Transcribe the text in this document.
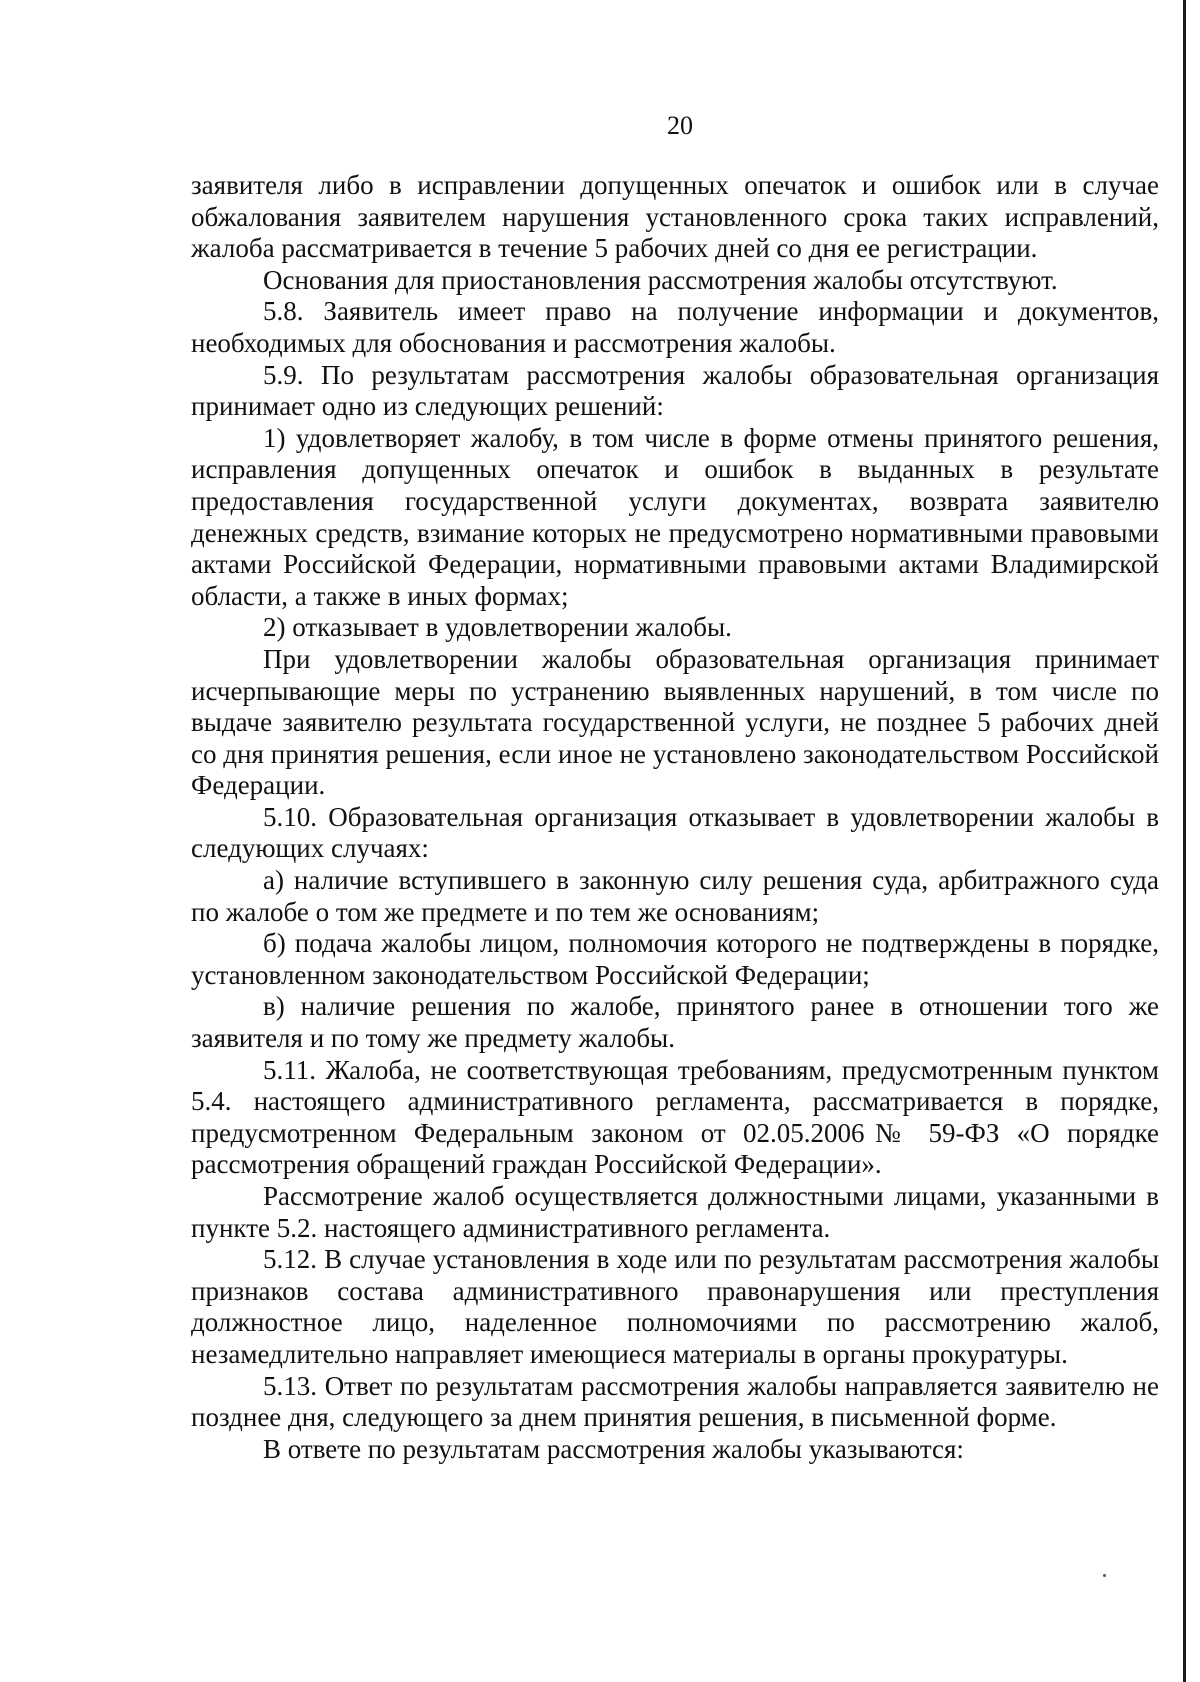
20

заявителя либо в исправлении допущенных опечаток и ошибок или в случае обжалования заявителем нарушения установленного срока таких исправлений, жалоба рассматривается в течение 5 рабочих дней со дня ее регистрации.

Основания для приостановления рассмотрения жалобы отсутствуют.

5.8. Заявитель имеет право на получение информации и документов, необходимых для обоснования и рассмотрения жалобы.

5.9. По результатам рассмотрения жалобы образовательная организация принимает одно из следующих решений:

1) удовлетворяет жалобу, в том числе в форме отмены принятого решения, исправления допущенных опечаток и ошибок в выданных в результате предоставления государственной услуги документах, возврата заявителю денежных средств, взимание которых не предусмотрено нормативными правовыми актами Российской Федерации, нормативными правовыми актами Владимирской области, а также в иных формах;

2) отказывает в удовлетворении жалобы.

При удовлетворении жалобы образовательная организация принимает исчерпывающие меры по устранению выявленных нарушений, в том числе по выдаче заявителю результата государственной услуги, не позднее 5 рабочих дней со дня принятия решения, если иное не установлено законодательством Российской Федерации.

5.10. Образовательная организация отказывает в удовлетворении жалобы в следующих случаях:

а) наличие вступившего в законную силу решения суда, арбитражного суда по жалобе о том же предмете и по тем же основаниям;

б) подача жалобы лицом, полномочия которого не подтверждены в порядке, установленном законодательством Российской Федерации;

в) наличие решения по жалобе, принятого ранее в отношении того же заявителя и по тому же предмету жалобы.

5.11. Жалоба, не соответствующая требованиям, предусмотренным пунктом 5.4. настоящего административного регламента, рассматривается в порядке, предусмотренном Федеральным законом от 02.05.2006№ 59-ФЗ «О порядке рассмотрения обращений граждан Российской Федерации».

Рассмотрение жалоб осуществляется должностными лицами, указанными в пункте 5.2. настоящего административного регламента.

5.12. В случае установления в ходе или по результатам рассмотрения жалобы признаков состава административного правонарушения или преступления должностное лицо, наделенное полномочиями по рассмотрению жалоб, незамедлительно направляет имеющиеся материалы в органы прокуратуры.

5.13. Ответ по результатам рассмотрения жалобы направляется заявителю не позднее дня, следующего за днем принятия решения, в письменной форме.

В ответе по результатам рассмотрения жалобы указываются:
